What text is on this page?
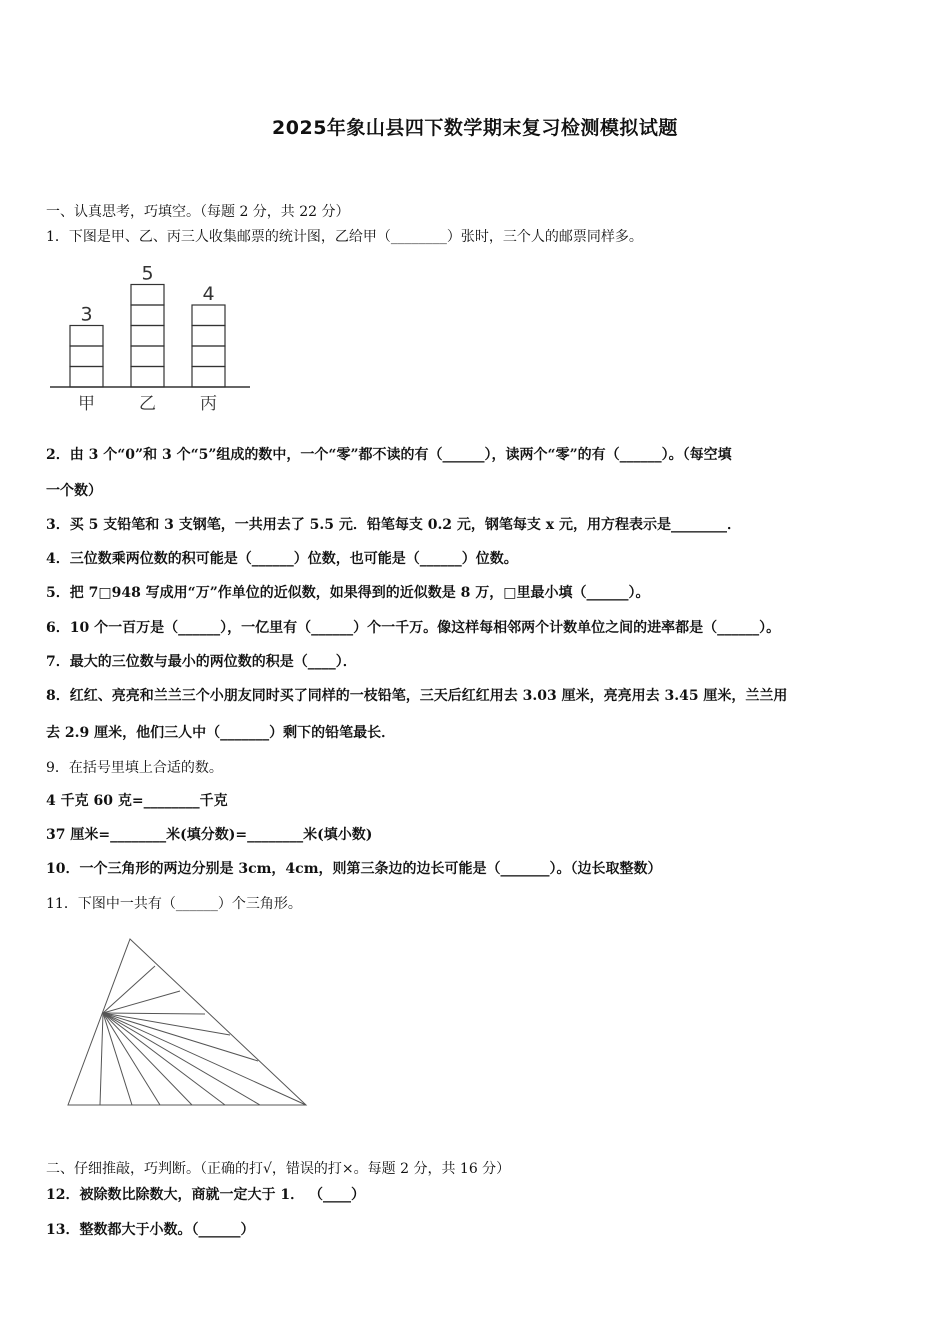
2025年象山县四下数学期末复习检测模拟试题
一、认真思考，巧填空。（每题 2 分，共 22 分）
1．下图是甲、乙、丙三人收集邮票的统计图，乙给甲（________）张时，三个人的邮票同样多。
3
甲
5
乙
4
丙
2．由 3 个“0”和 3 个“5”组成的数中，一个“零”都不读的有（______），读两个“零”的有（______）。（每空填
一个数）
3．买 5 支铅笔和 3 支钢笔，一共用去了 5.5 元．铅笔每支 0.2 元，钢笔每支 x 元，用方程表示是________．
4．三位数乘两位数的积可能是（______）位数，也可能是（______）位数。
5．把 7□948 写成用“万”作单位的近似数，如果得到的近似数是 8 万，□里最小填（______）。
6．10 个一百万是（______），一亿里有（______）个一千万。像这样每相邻两个计数单位之间的进率都是（______）。
7．最大的三位数与最小的两位数的积是（____）．
8．红红、亮亮和兰兰三个小朋友同时买了同样的一枝铅笔，三天后红红用去 3.03 厘米，亮亮用去 3.45 厘米，兰兰用
去 2.9 厘米，他们三人中（_______）剩下的铅笔最长．
9．在括号里填上合适的数。
4 千克 60 克=________千克
37 厘米=________米(填分数)=________米(填小数)
10．一个三角形的两边分别是 3cm，4cm，则第三条边的边长可能是（_______）。（边长取整数）
11．下图中一共有（______）个三角形。
二、仔细推敲，巧判断。（正确的打√，错误的打×。每题 2 分，共 16 分）
12．被除数比除数大，商就一定大于 1． （____）
13．整数都大于小数。（______）
